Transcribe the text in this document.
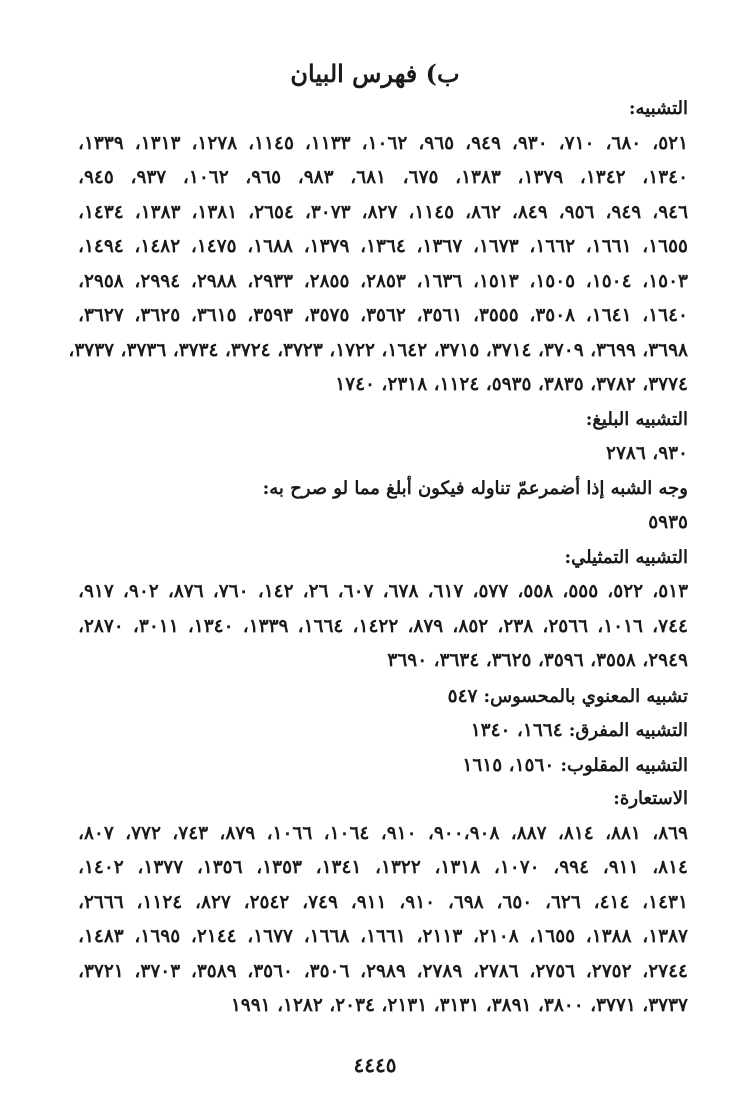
ب) فهرس البيان
التشبيه:
٥٢١، ٦٨٠، ٧١٠، ٩٣٠، ٩٤٩، ٩٦٥، ١٠٦٢، ١١٣٣، ١١٤٥، ١٢٧٨، ١٣١٣، ١٣٣٩،
١٣٤٠، ١٣٤٢، ١٣٧٩، ١٣٨٣، ٦٧٥، ٦٨١، ٩٨٣، ٩٦٥، ١٠٦٢، ٩٣٧، ٩٤٥،
٩٤٦، ٩٤٩، ٩٥٦، ٨٤٩، ٨٦٢، ١١٤٥، ٨٢٧، ٣٠٧٣، ٢٦٥٤، ١٣٨١، ١٣٨٣، ١٤٣٤،
١٦٥٥، ١٦٦١، ١٦٦٢، ١٦٧٣، ١٣٦٧، ١٣٦٤، ١٣٧٩، ١٦٨٨، ١٤٧٥، ١٤٨٢، ١٤٩٤،
١٥٠٣، ١٥٠٤، ١٥٠٥، ١٥١٣، ١٦٣٦، ٢٨٥٣، ٢٨٥٥، ٢٩٣٣، ٢٩٨٨، ٢٩٩٤، ٢٩٥٨،
١٦٤٠، ١٦٤١، ٣٥٠٨، ٣٥٥٥، ٣٥٦١، ٣٥٦٢، ٣٥٧٥، ٣٥٩٣، ٣٦١٥، ٣٦٢٥، ٣٦٢٧،
٣٦٩٨، ٣٦٩٩، ٣٧٠٩، ٣٧١٤، ٣٧١٥، ١٦٤٢، ١٧٢٢، ٣٧٢٣، ٣٧٢٤، ٣٧٣٤، ٣٧٣٦، ٣٧٣٧،
٣٧٧٤، ٣٧٨٢، ٣٨٣٥، ٥٩٣٥، ١١٢٤، ٢٣١٨، ١٧٤٠
التشبيه البليغ:
٩٣٠، ٢٧٨٦
وجه الشبه إذا أضمرعمّ تناوله فيكون أبلغ مما لو صرح به:
٥٩٣٥
التشبيه التمثيلي:
٥١٣، ٥٢٢، ٥٥٥، ٥٥٨، ٥٧٧، ٦١٧، ٦٧٨، ٦٠٧، ٢٦، ١٤٢، ٧٦٠، ٨٧٦، ٩٠٢، ٩١٧،
٧٤٤، ١٠١٦، ٢٥٦٦، ٢٣٨، ٨٥٢، ٨٧٩، ١٤٢٢، ١٦٦٤، ١٣٣٩، ١٣٤٠، ٣٠١١، ٢٨٧٠،
٢٩٤٩، ٣٥٥٨، ٣٥٩٦، ٣٦٢٥، ٣٦٣٤، ٣٦٩٠
تشبيه المعنوي بالمحسوس: ٥٤٧
التشبيه المفرق: ١٦٦٤، ١٣٤٠
التشبيه المقلوب: ١٥٦٠، ١٦١٥
الاستعارة:
٨٦٩، ٨٨١، ٨١٤، ٨٨٧، ٩٠٠،٩٠٨، ٩١٠، ١٠٦٤، ١٠٦٦، ٨٧٩، ٧٤٣، ٧٧٢، ٨٠٧،
٨١٤، ٩١١، ٩٩٤، ١٠٧٠، ١٣١٨، ١٣٢٢، ١٣٤١، ١٣٥٣، ١٣٥٦، ١٣٧٧، ١٤٠٢،
١٤٣١، ٤١٤، ٦٢٦، ٦٥٠، ٦٩٨، ٩١٠، ٩١١، ٧٤٩، ٢٥٤٢، ٨٢٧، ١١٢٤، ٢٦٦٦،
١٣٨٧، ١٣٨٨، ١٦٥٥، ٢١٠٨، ٢١١٣، ١٦٦١، ١٦٦٨، ١٦٧٧، ٢١٤٤، ١٦٩٥، ١٤٨٣،
٢٧٤٤، ٢٧٥٢، ٢٧٥٦، ٢٧٨٦، ٢٧٨٩، ٢٩٨٩، ٣٥٠٦، ٣٥٦٠، ٣٥٨٩، ٣٧٠٣، ٣٧٢١،
٣٧٣٧، ٣٧٧١، ٣٨٠٠، ٣٨٩١، ٣١٣١، ٢١٣١، ٢٠٣٤، ١٢٨٢، ١٩٩١
٤٤٤٥
